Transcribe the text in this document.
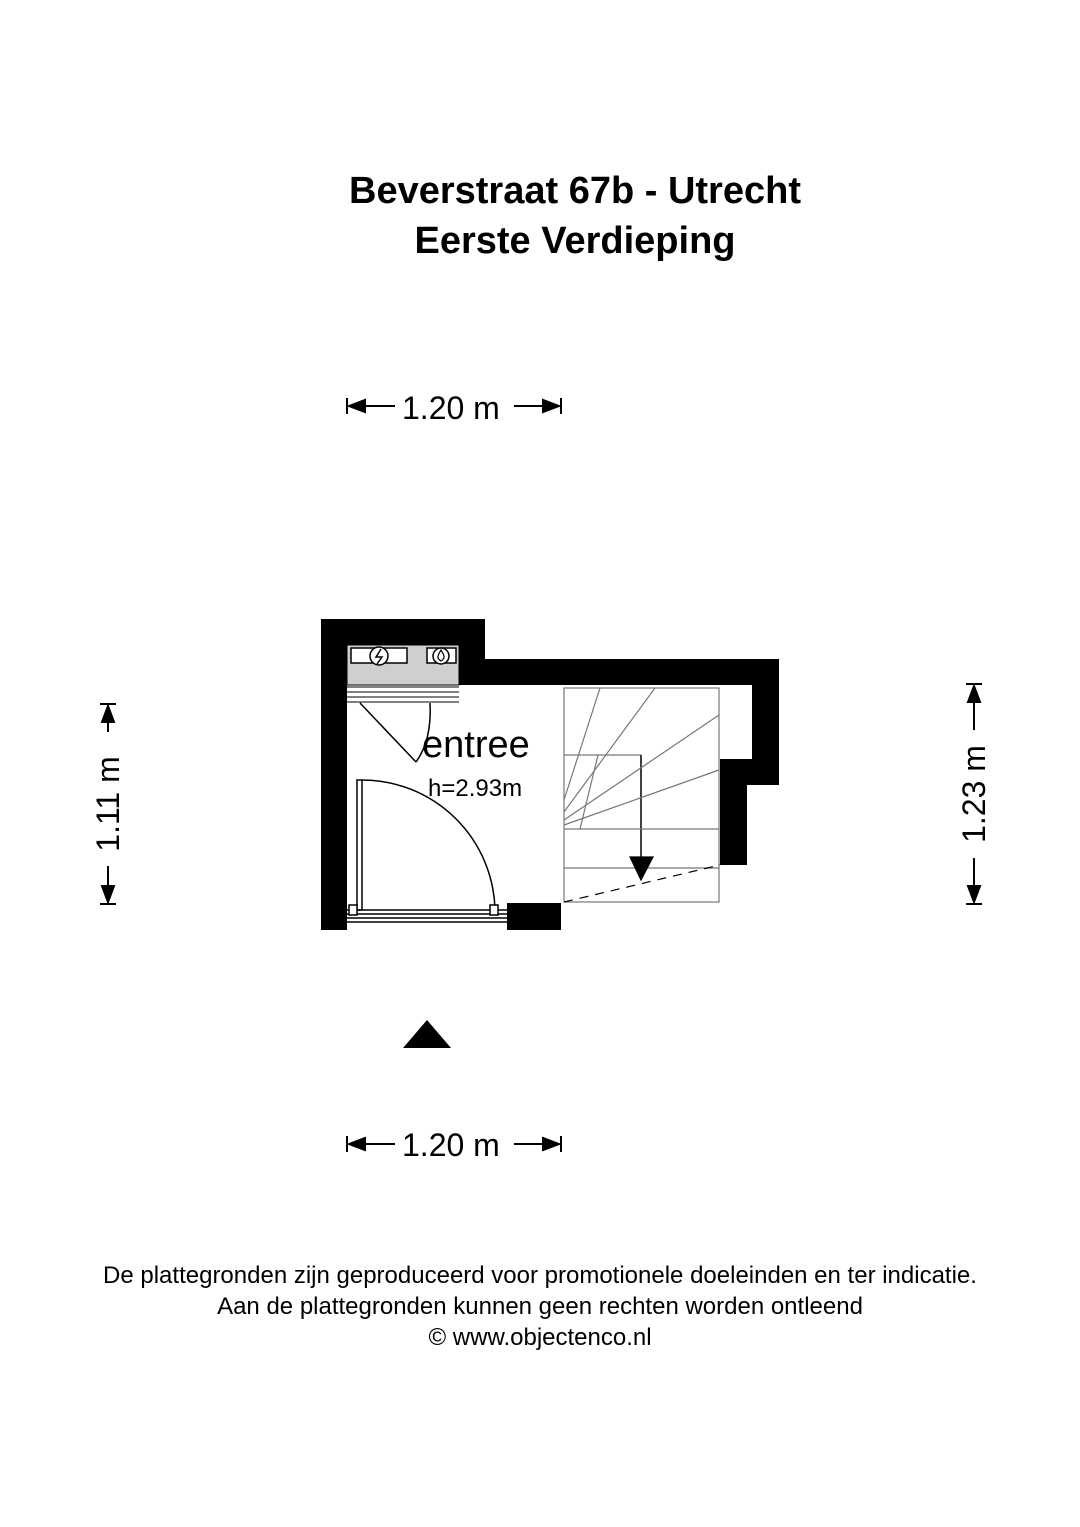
Beverstraat 67b - Utrecht
Eerste Verdieping
1.20 m
1.20 m
1.11 m	1.23 m
entree
h=2.93m
De plattegronden zijn geproduceerd voor promotionele doeleinden en ter indicatie.
Aan de plattegronden kunnen geen rechten worden ontleend
© www.objectenco.nl
